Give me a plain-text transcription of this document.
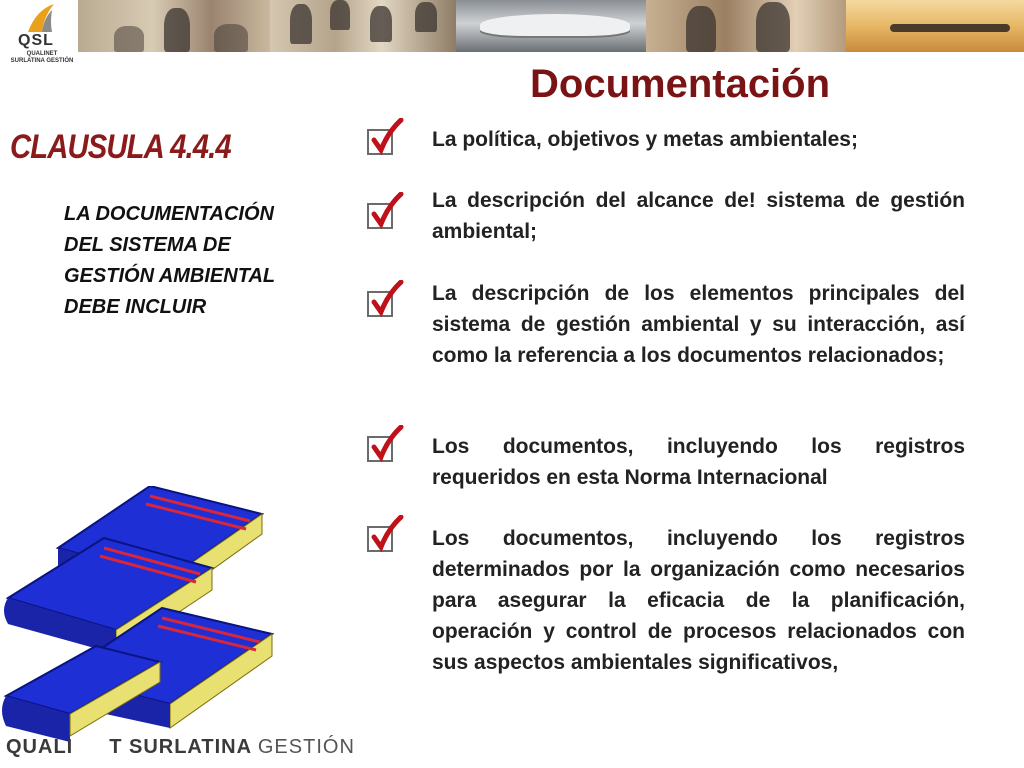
QSL
QUALINET
SURLATINA GESTIÓN
Documentación
CLAUSULA 4.4.4
LA DOCUMENTACIÓN DEL SISTEMA DE GESTIÓN AMBIENTAL DEBE INCLUIR
La política, objetivos y metas ambientales;
La descripción del alcance de! sistema de gestión ambiental;
La descripción de los elementos principales del sistema de gestión ambiental y su interacción, así como la referencia a los documentos relacionados;
Los documentos, incluyendo los registros requeridos en esta Norma Internacional
Los documentos, incluyendo los registros determinados por la organización como necesarios para asegurar la eficacia de la planificación, operación y control de procesos relacionados con sus aspectos ambientales significativos,
QUALI T SURLATINA GESTIÓN
